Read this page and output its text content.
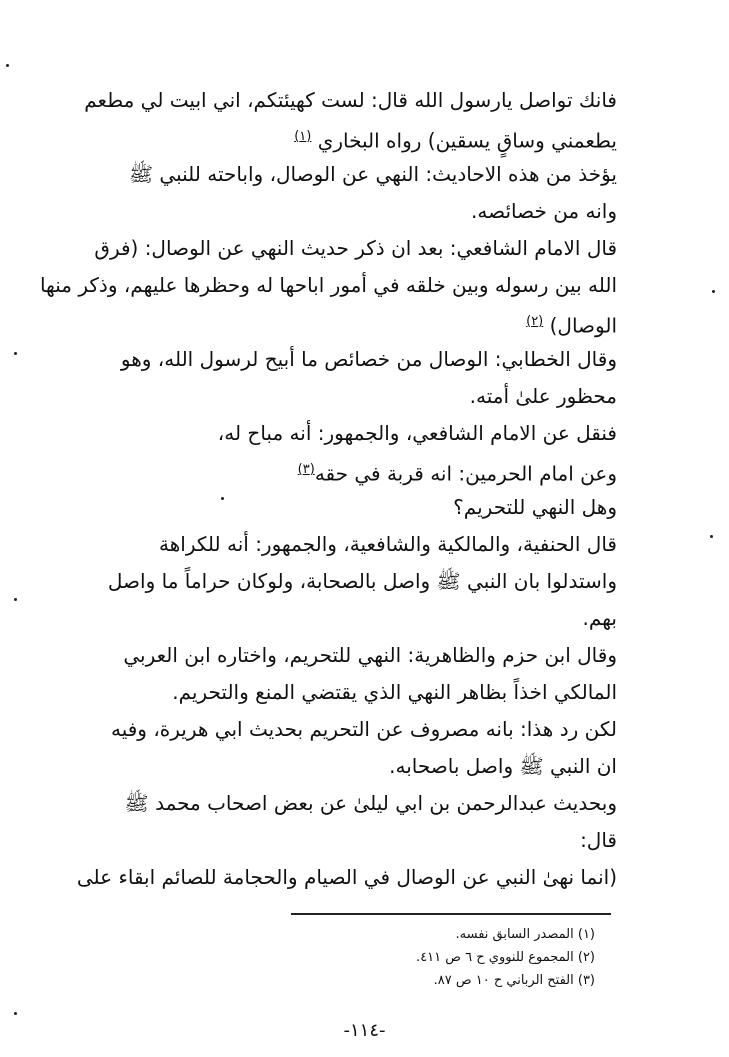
فانك تواصل يارسول الله قال: لست كهيئتكم، اني ابيت لي مطعم
يطعمني وساقٍ يسقين) رواه البخاري $^{(١)}$
يؤخذ من هذه الاحاديث: النهي عن الوصال، واباحته للنبي ﷺ
وانه من خصائصه.
قال الامام الشافعي: بعد ان ذكر حديث النهي عن الوصال: (فرق
الله بين رسوله وبين خلقه في أمور اباحها له وحظرها عليهم، وذكر منها
الوصال) $^{(٢)}$
وقال الخطابي: الوصال من خصائص ما أبيح لرسول الله، وهو
محظور علىٰ أمته.
فنقل عن الامام الشافعي، والجمهور: أنه مباح له،
وعن امام الحرمين: انه قربة في حقه$^{(٣)}$
وهل النهي للتحريم؟
قال الحنفية، والمالكية والشافعية، والجمهور: أنه للكراهة
واستدلوا بان النبي ﷺ واصل بالصحابة، ولوكان حراماً ما واصل
بهم.
وقال ابن حزم والظاهرية: النهي للتحريم، واختاره ابن العربي
المالكي اخذاً بظاهر النهي الذي يقتضي المنع والتحريم.
لكن رد هذا: بانه مصروف عن التحريم بحديث ابي هريرة، وفيه
ان النبي ﷺ واصل باصحابه.
وبحديث عبدالرحمن بن ابي ليلىٰ عن بعض اصحاب محمد ﷺ
قال:
(انما نهىٰ النبي عن الوصال في الصيام والحجامة للصائم ابقاء على
(١) المصدر السابق نفسه.
(٢) المجموع للنووي ح ٦ ص ٤١١.
(٣) الفتح الرباني ح ١٠ ص ٨٧.
-١١٤-
